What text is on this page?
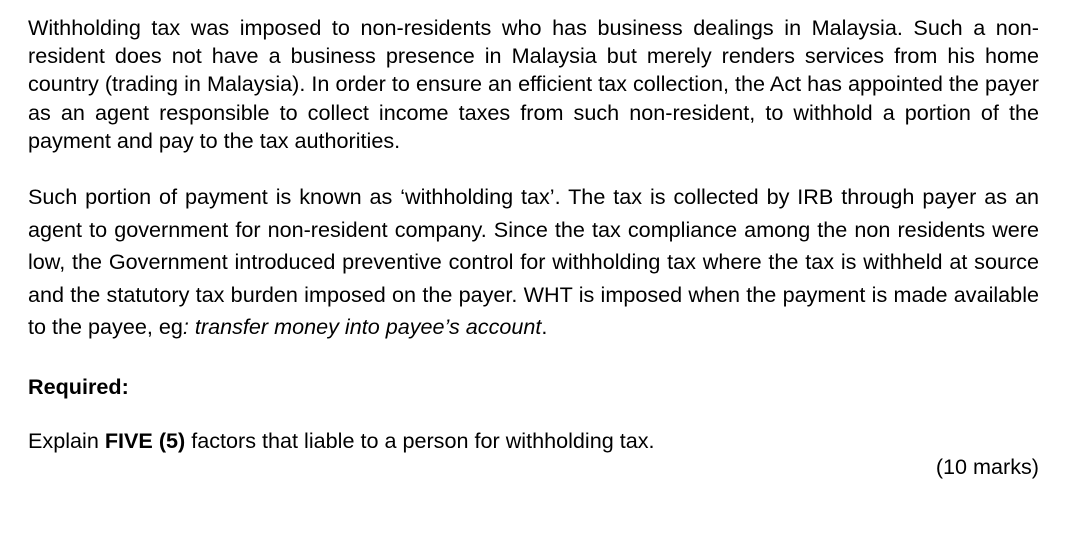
Withholding tax was imposed to non-residents who has business dealings in Malaysia. Such a non-resident does not have a business presence in Malaysia but merely renders services from his home country (trading in Malaysia). In order to ensure an efficient tax collection, the Act has appointed the payer as an agent responsible to collect income taxes from such non-resident, to withhold a portion of the payment and pay to the tax authorities.

Such portion of payment is known as ‘withholding tax’. The tax is collected by IRB through payer as an agent to government for non-resident company. Since the tax compliance among the non residents were low, the Government introduced preventive control for withholding tax where the tax is withheld at source and the statutory tax burden imposed on the payer. WHT is imposed when the payment is made available to the payee, eg: transfer money into payee’s account.

Required:
Explain FIVE (5) factors that liable to a person for withholding tax.
(10 marks)
